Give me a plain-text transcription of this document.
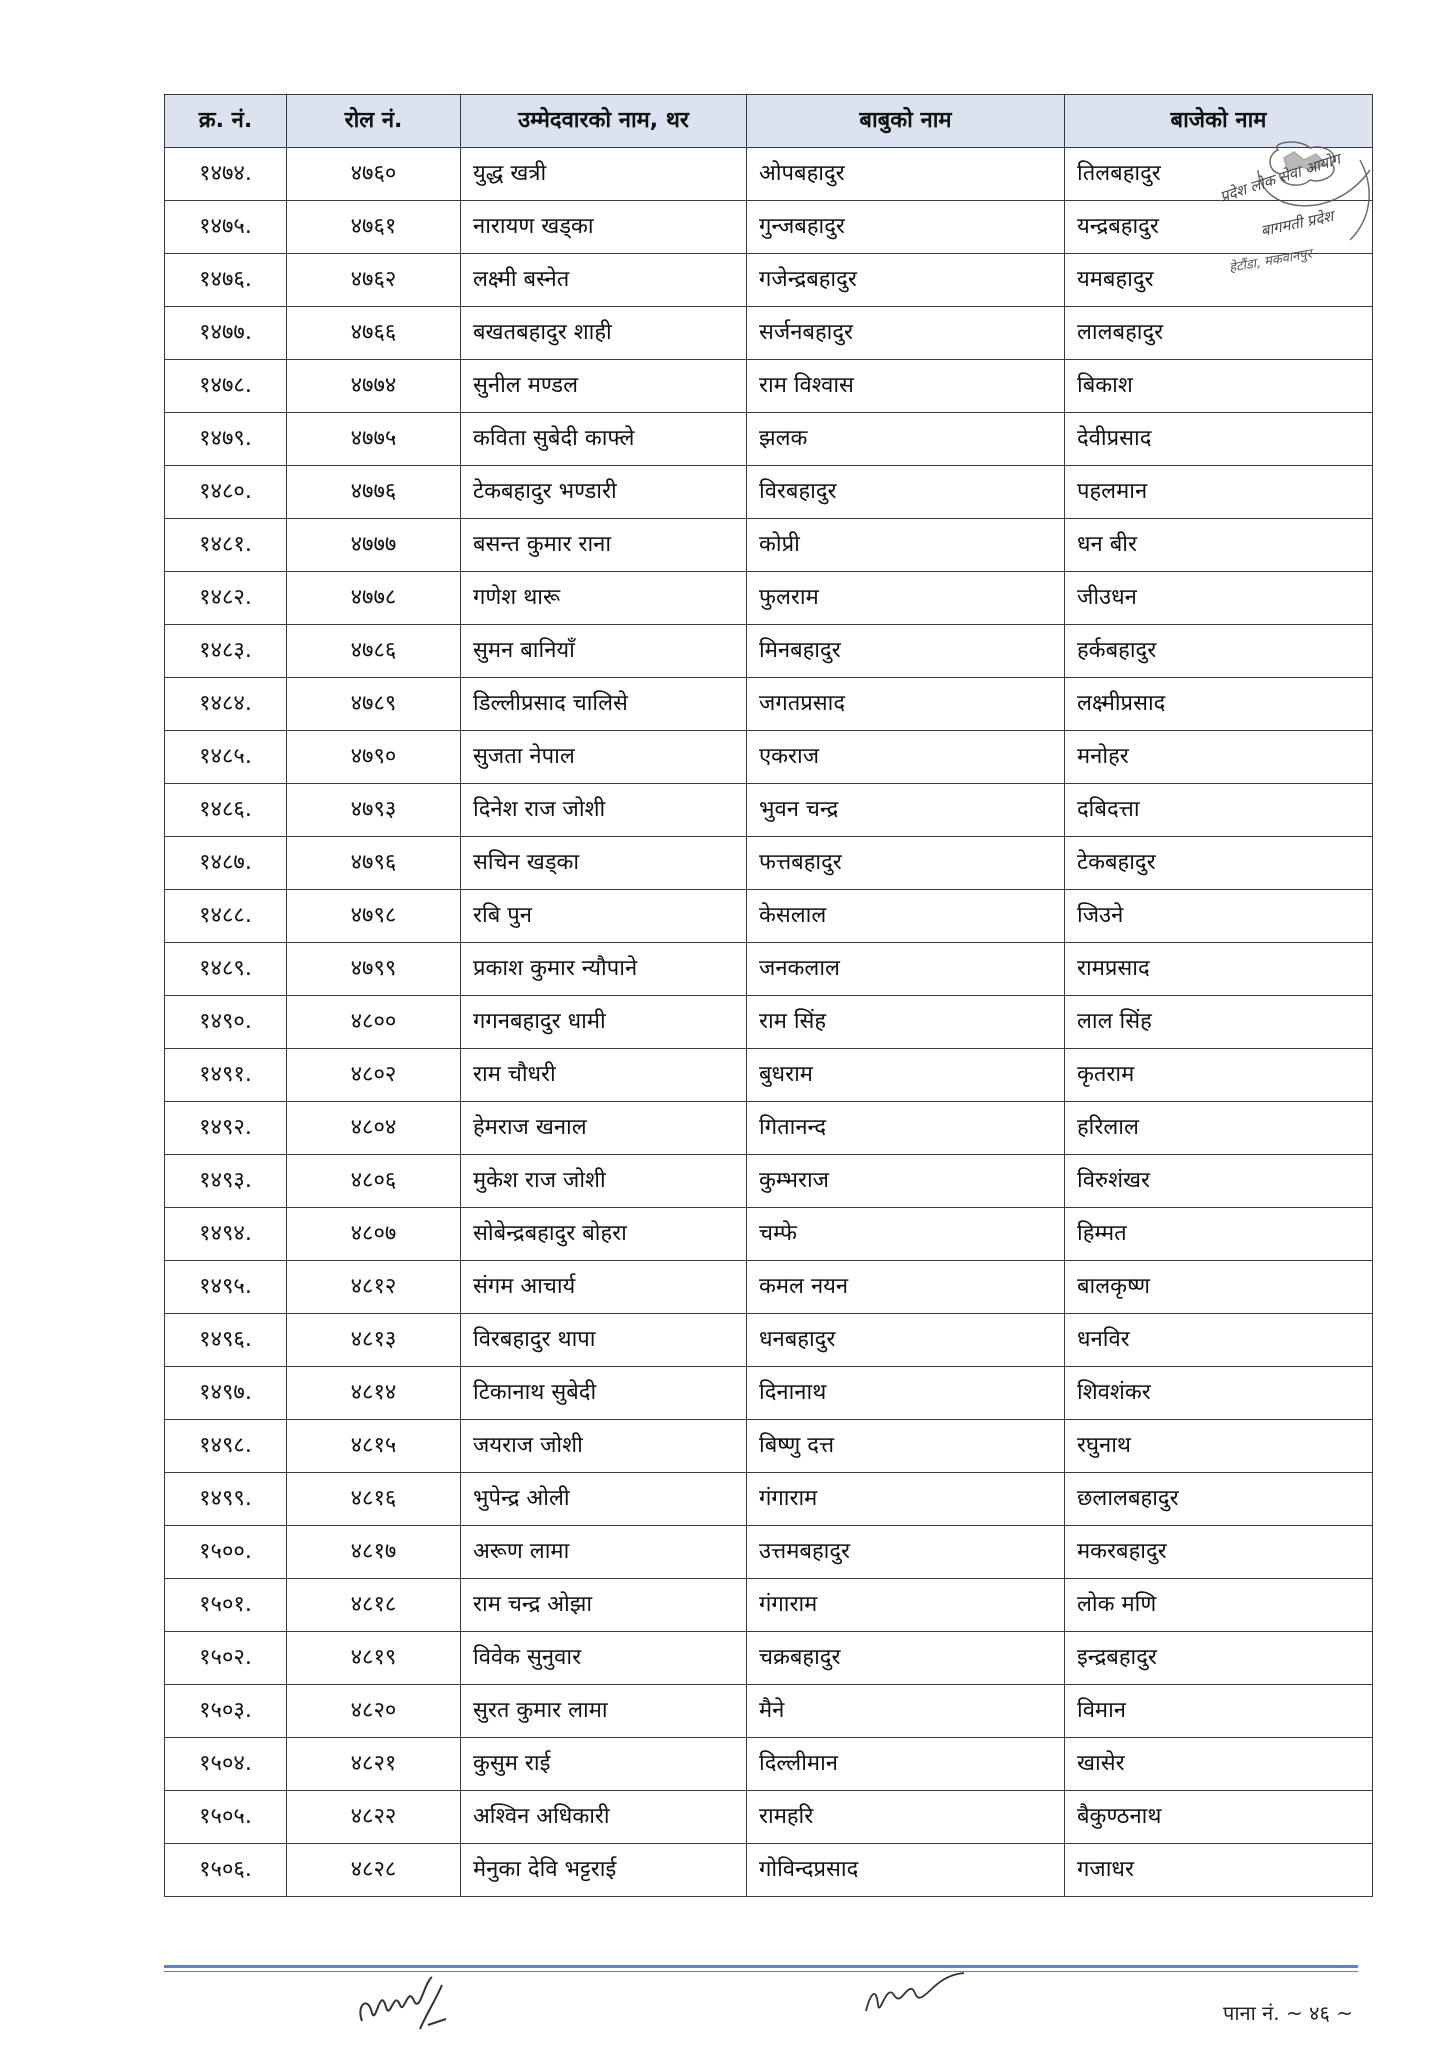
क्र. नं.	रोल नं.	उम्मेदवारको नाम, थर	बाबुको नाम	बाजेको नाम
१४७४.	४७६०	युद्ध खत्री	ओपबहादुर	तिलबहादुर
१४७५.	४७६१	नारायण खड्का	गुन्जबहादुर	यन्द्रबहादुर
१४७६.	४७६२	लक्ष्मी बस्नेत	गजेन्द्रबहादुर	यमबहादुर
१४७७.	४७६६	बखतबहादुर शाही	सर्जनबहादुर	लालबहादुर
१४७८.	४७७४	सुनील मण्डल	राम विश्वास	बिकाश
१४७९.	४७७५	कविता सुबेदी काफ्ले	झलक	देवीप्रसाद
१४८०.	४७७६	टेकबहादुर भण्डारी	विरबहादुर	पहलमान
१४८१.	४७७७	बसन्त कुमार राना	कोप्री	धन बीर
१४८२.	४७७८	गणेश थारू	फुलराम	जीउधन
१४८३.	४७८६	सुमन बानियाँ	मिनबहादुर	हर्कबहादुर
१४८४.	४७८९	डिल्लीप्रसाद चालिसे	जगतप्रसाद	लक्ष्मीप्रसाद
१४८५.	४७९०	सुजता नेपाल	एकराज	मनोहर
१४८६.	४७९३	दिनेश राज जोशी	भुवन चन्द्र	दबिदत्ता
१४८७.	४७९६	सचिन खड्का	फत्तबहादुर	टेकबहादुर
१४८८.	४७९८	रबि पुन	केसलाल	जिउने
१४८९.	४७९९	प्रकाश कुमार न्यौपाने	जनकलाल	रामप्रसाद
१४९०.	४८००	गगनबहादुर धामी	राम सिंह	लाल सिंह
१४९१.	४८०२	राम चौधरी	बुधराम	कृतराम
१४९२.	४८०४	हेमराज खनाल	गितानन्द	हरिलाल
१४९३.	४८०६	मुकेश राज जोशी	कुम्भराज	विरुशंखर
१४९४.	४८०७	सोबेन्द्रबहादुर बोहरा	चम्फे	हिम्मत
१४९५.	४८१२	संगम आचार्य	कमल नयन	बालकृष्ण
१४९६.	४८१३	विरबहादुर थापा	धनबहादुर	धनविर
१४९७.	४८१४	टिकानाथ सुबेदी	दिनानाथ	शिवशंकर
१४९८.	४८१५	जयराज जोशी	बिष्णु दत्त	रघुनाथ
१४९९.	४८१६	भुपेन्द्र ओली	गंगाराम	छलालबहादुर
१५००.	४८१७	अरूण लामा	उत्तमबहादुर	मकरबहादुर
१५०१.	४८१८	राम चन्द्र ओझा	गंगाराम	लोक मणि
१५०२.	४८१९	विवेक सुनुवार	चक्रबहादुर	इन्द्रबहादुर
१५०३.	४८२०	सुरत कुमार लामा	मैने	विमान
१५०४.	४८२१	कुसुम राई	दिल्लीमान	खासेर
१५०५.	४८२२	अश्विन अधिकारी	रामहरि	बैकुण्ठनाथ
१५०६.	४८२८	मेनुका देवि भट्टराई	गोविन्दप्रसाद	गजाधर
प्रदेश लोक सेवा आयोग
बागमती प्रदेश
हेटौंडा, मकवानपुर
पाना नं. ~ ४६ ~
